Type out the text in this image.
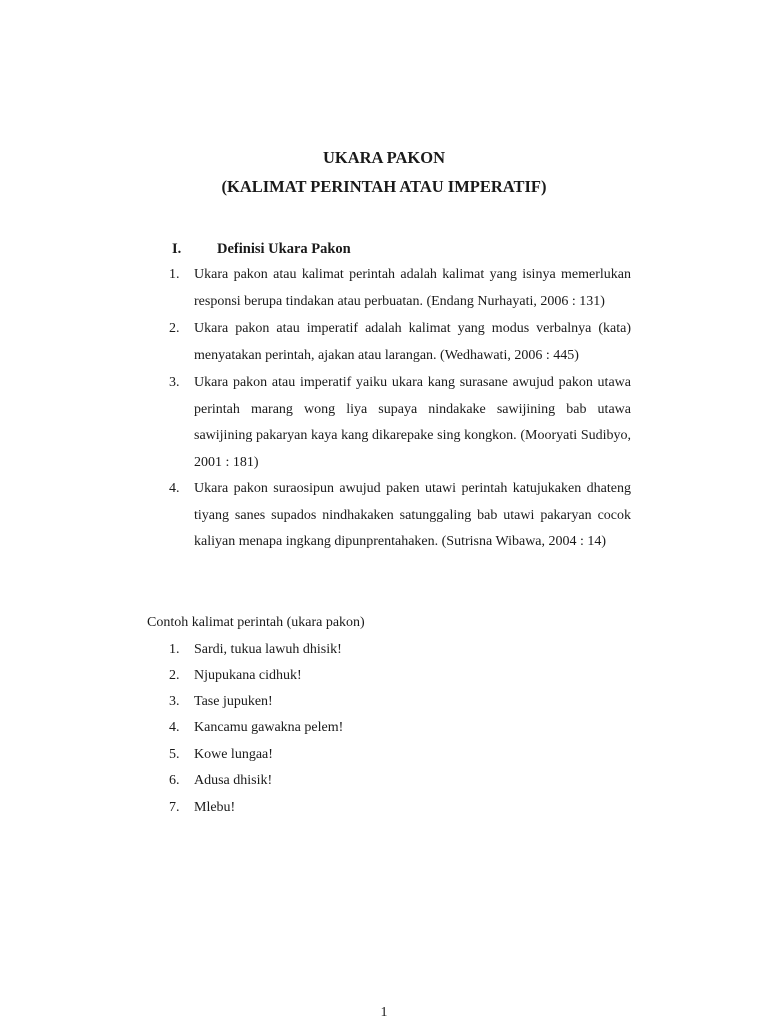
UKARA PAKON
(KALIMAT PERINTAH ATAU IMPERATIF)
I. Definisi Ukara Pakon
1. Ukara pakon atau kalimat perintah adalah kalimat yang isinya memerlukan responsi berupa tindakan atau perbuatan. (Endang Nurhayati, 2006 : 131)
2. Ukara pakon atau imperatif adalah kalimat yang modus verbalnya (kata) menyatakan perintah, ajakan atau larangan. (Wedhawati, 2006 : 445)
3. Ukara pakon atau imperatif yaiku ukara kang surasane awujud pakon utawa perintah marang wong liya supaya nindakake sawijining bab utawa sawijining pakaryan kaya kang dikarepake sing kongkon. (Mooryati Sudibyo, 2001 : 181)
4. Ukara pakon suraosipun awujud paken utawi perintah katujukaken dhateng tiyang sanes supados nindhakaken satunggaling bab utawi pakaryan cocok kaliyan menapa ingkang dipunprentahaken. (Sutrisna Wibawa, 2004 : 14)
Contoh kalimat perintah (ukara pakon)
1. Sardi, tukua lawuh dhisik!
2. Njupukana cidhuk!
3. Tase jupuken!
4. Kancamu gawakna pelem!
5. Kowe lungaa!
6. Adusa dhisik!
7. Mlebu!
1
